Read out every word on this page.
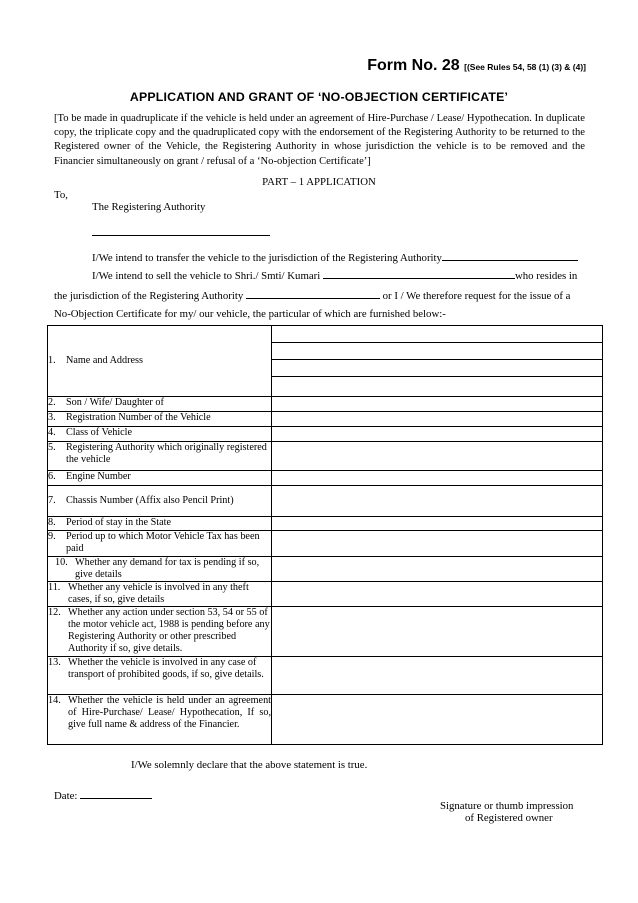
Form No. 28 [(See Rules 54, 58 (1) (3) & (4)]
APPLICATION AND GRANT OF ‘NO-OBJECTION CERTIFICATE’
[To be made in quadruplicate if the vehicle is held under an agreement of Hire-Purchase / Lease/ Hypothecation. In duplicate copy, the triplicate copy and the quadruplicated copy with the endorsement of the Registering Authority to be returned to the Registered owner of the Vehicle, the Registering Authority in whose jurisdiction the vehicle is to be removed and the Financier simultaneously on grant / refusal of a ‘No-objection Certificate’]
PART – 1 APPLICATION
To,
The Registering Authority
I/We intend to transfer the vehicle to the jurisdiction of the Registering Authority
I/We intend to sell the vehicle to Shri./ Smti/ Kumari	who resides in
the jurisdiction of the Registering Authority	or I / We therefore request for the issue of a
No-Objection Certificate for my/ our vehicle, the particular of which are furnished below:-
1. Name and Address	

2. Son / Wife/ Daughter of	

3. Registration Number of the Vehicle	

4. Class of Vehicle	

5. Registering Authority which originally registered the vehicle	

6. Engine Number	

7. Chassis Number (Affix also Pencil Print)	

8. Period of stay in the State	

9. Period up to which Motor Vehicle Tax has been paid	

10. Whether any demand for tax is pending if so, give details	

11. Whether any vehicle is involved in any theft cases, if so, give details	

12. Whether any action under section 53, 54 or 55 of the motor vehicle act, 1988 is pending before any Registering Authority or other prescribed Authority if so, give details.	

13. Whether the vehicle is involved in any case of transport of prohibited goods, if so, give details.	

14. Whether the vehicle is held under an agreement of Hire-Purchase/ Lease/ Hypothecation, If so, give full name & address of the Financier.	

I/We solemnly declare that the above statement is true.
Date:
Signature or thumb impression
of Registered owner
